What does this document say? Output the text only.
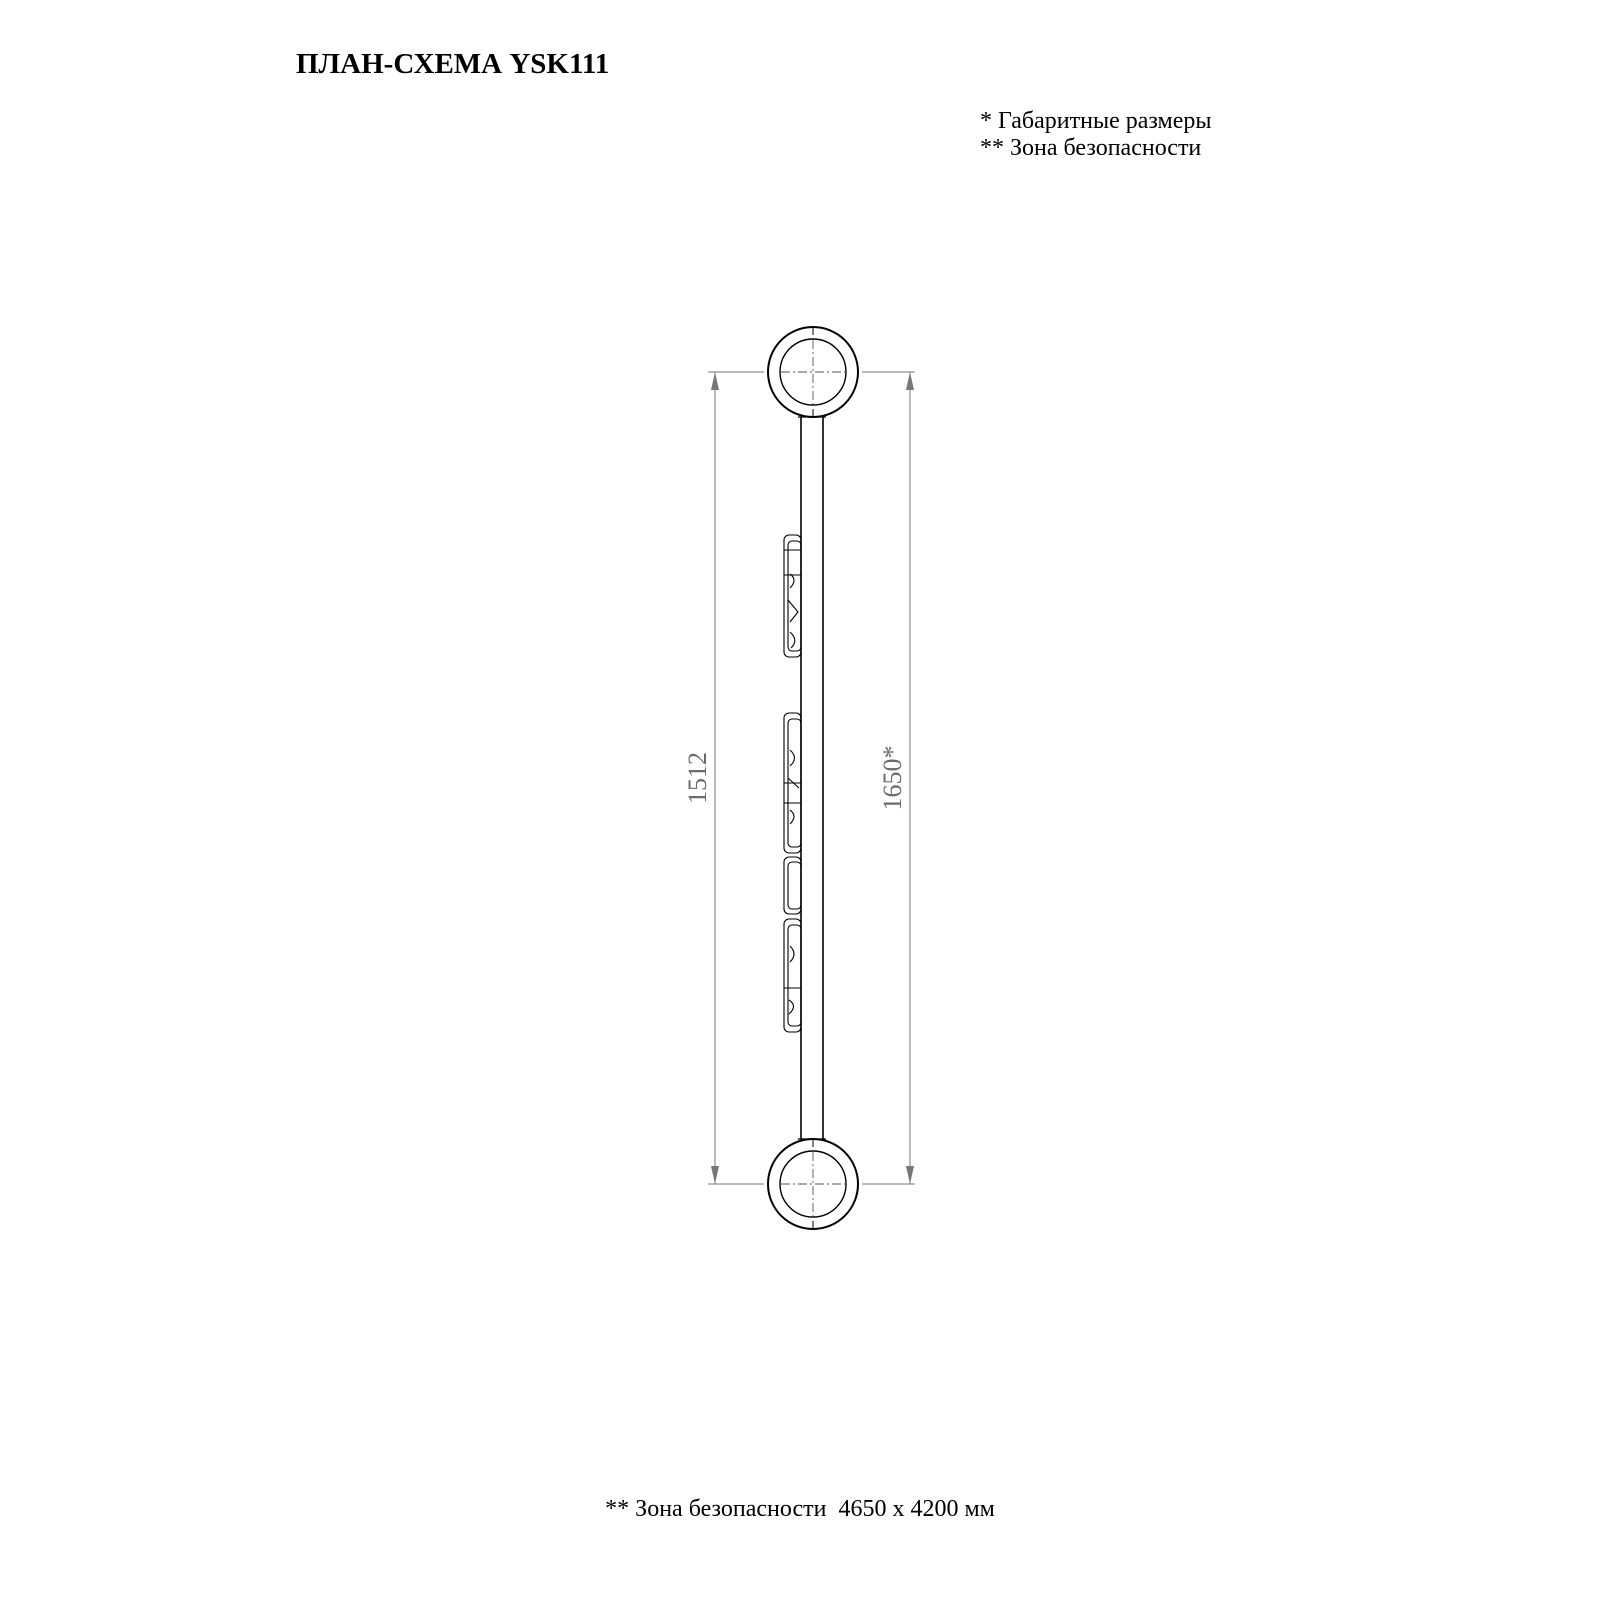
ПЛАН-СХЕМА YSK111
* Габаритные размеры
** Зона безопасности
1512	1650*
** Зона безопасности 4650 х 4200 мм
